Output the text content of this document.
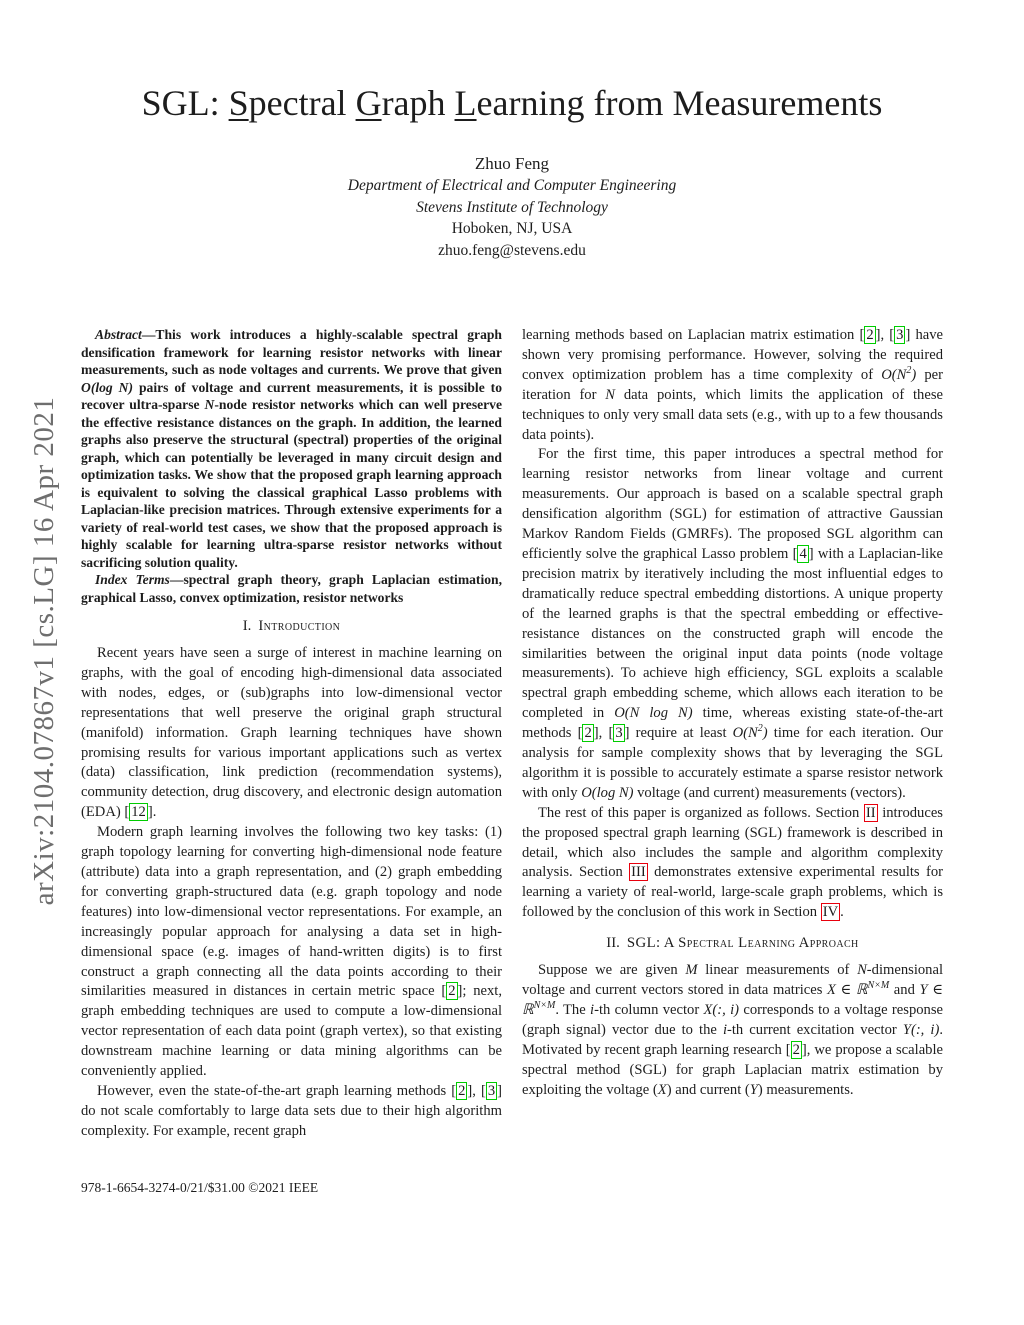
arXiv:2104.07867v1 [cs.LG] 16 Apr 2021
SGL: Spectral Graph Learning from Measurements
Zhuo Feng
Department of Electrical and Computer Engineering
Stevens Institute of Technology
Hoboken, NJ, USA
zhuo.feng@stevens.edu

Abstract—This work introduces a highly-scalable spectral graph densification framework for learning resistor networks with linear measurements, such as node voltages and currents. We prove that given O(log N) pairs of voltage and current measurements, it is possible to recover ultra-sparse N-node resistor networks which can well preserve the effective resistance distances on the graph. In addition, the learned graphs also preserve the structural (spectral) properties of the original graph, which can potentially be leveraged in many circuit design and optimization tasks. We show that the proposed graph learning approach is equivalent to solving the classical graphical Lasso problems with Laplacian-like precision matrices. Through extensive experiments for a variety of real-world test cases, we show that the proposed approach is highly scalable for learning ultra-sparse resistor networks without sacrificing solution quality.

Index Terms—spectral graph theory, graph Laplacian estimation, graphical Lasso, convex optimization, resistor networks

I. Introduction

Recent years have seen a surge of interest in machine learning on graphs, with the goal of encoding high-dimensional data associated with nodes, edges, or (sub)graphs into low-dimensional vector representations that well preserve the original graph structural (manifold) information. Graph learning techniques have shown promising results for various important applications such as vertex (data) classification, link prediction (recommendation systems), community detection, drug discovery, and electronic design automation (EDA) [ 12 ].

Modern graph learning involves the following two key tasks: (1) graph topology learning for converting high-dimensional node feature (attribute) data into a graph representation, and (2) graph embedding for converting graph-structured data (e.g. graph topology and node features) into low-dimensional vector representations. For example, an increasingly popular approach for analysing a data set in high-dimensional space (e.g. images of hand-written digits) is to first construct a graph connecting all the data points according to their similarities measured in distances in certain metric space [ 2 ]; next, graph embedding techniques are used to compute a low-dimensional vector representation of each data point (graph vertex), so that existing downstream machine learning or data mining algorithms can be conveniently applied.

However, even the state-of-the-art graph learning methods [ 2 ], [ 3 ] do not scale comfortably to large data sets due to their high algorithm complexity. For example, recent graph

learning methods based on Laplacian matrix estimation [ 2 ], [ 3 ] have shown very promising performance. However, solving the required convex optimization problem has a time complexity of $O(N^2)$ per iteration for N data points, which limits the application of these techniques to only very small data sets (e.g., with up to a few thousands data points).

For the first time, this paper introduces a spectral method for learning resistor networks from linear voltage and current measurements. Our approach is based on a scalable spectral graph densification algorithm (SGL) for estimation of attractive Gaussian Markov Random Fields (GMRFs). The proposed SGL algorithm can efficiently solve the graphical Lasso problem [ 4 ] with a Laplacian-like precision matrix by iteratively including the most influential edges to dramatically reduce spectral embedding distortions. A unique property of the learned graphs is that the spectral embedding or effective-resistance distances on the constructed graph will encode the similarities between the original input data points (node voltage measurements). To achieve high efficiency, SGL exploits a scalable spectral graph embedding scheme, which allows each iteration to be completed in O(N log N) time, whereas existing state-of-the-art methods [ 2 ], [ 3 ] require at least $O(N^2)$ time for each iteration. Our analysis for sample complexity shows that by leveraging the SGL algorithm it is possible to accurately estimate a sparse resistor network with only O(log N) voltage (and current) measurements (vectors).

The rest of this paper is organized as follows. Section II introduces the proposed spectral graph learning (SGL) framework is described in detail, which also includes the sample and algorithm complexity analysis. Section III demonstrates extensive experimental results for learning a variety of real-world, large-scale graph problems, which is followed by the conclusion of this work in Section IV .

II. SGL: A Spectral Learning Approach

Suppose we are given M linear measurements of N-dimensional voltage and current vectors stored in data matrices X ∈ ℝ$^{N\times M}$ and Y ∈ ℝ$^{N\times M}$. The i-th column vector X(:, i) corresponds to a voltage response (graph signal) vector due to the i-th current excitation vector Y(:, i). Motivated by recent graph learning research [ 2 ], we propose a scalable spectral method (SGL) for graph Laplacian matrix estimation by exploiting the voltage (X) and current (Y) measurements.

978-1-6654-3274-0/21/$31.00 ©2021 IEEE
